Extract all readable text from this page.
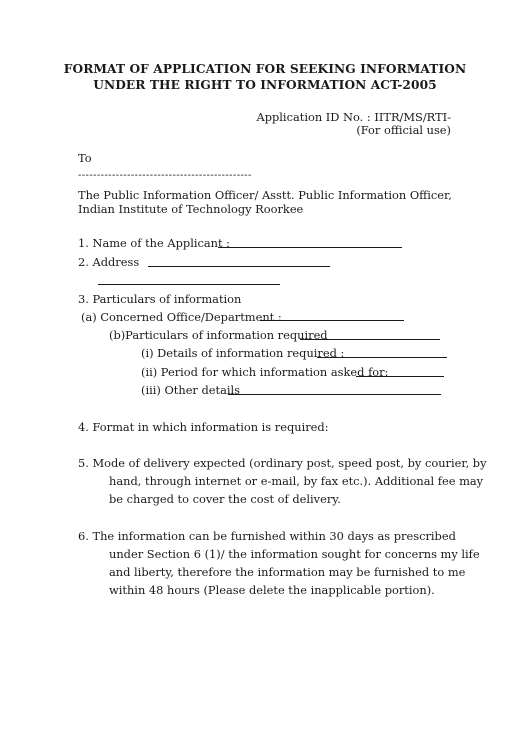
FORMAT OF APPLICATION FOR SEEKING INFORMATION
UNDER THE RIGHT TO INFORMATION ACT-2005
Application ID No. : IITR/MS/RTI-
(For official use)
To
----------------------------------------------
The Public Information Officer/ Asstt. Public Information Officer,
Indian Institute of Technology Roorkee
1. Name of the Applicant :
2. Address
3. Particulars of information
(a) Concerned Office/Department :
(b)Particulars of information required
(i) Details of information required :
(ii) Period for which information asked for:
(iii) Other details
4. Format in which information is required:
5. Mode of delivery expected (ordinary post, speed post, by courier, by
hand, through internet or e-mail, by fax etc.). Additional fee may
be charged to cover the cost of delivery.
6. The information can be furnished within 30 days as prescribed
under Section 6 (1)/ the information sought for concerns my life
and liberty, therefore the information may be furnished to me
within 48 hours (Please delete the inapplicable portion).
